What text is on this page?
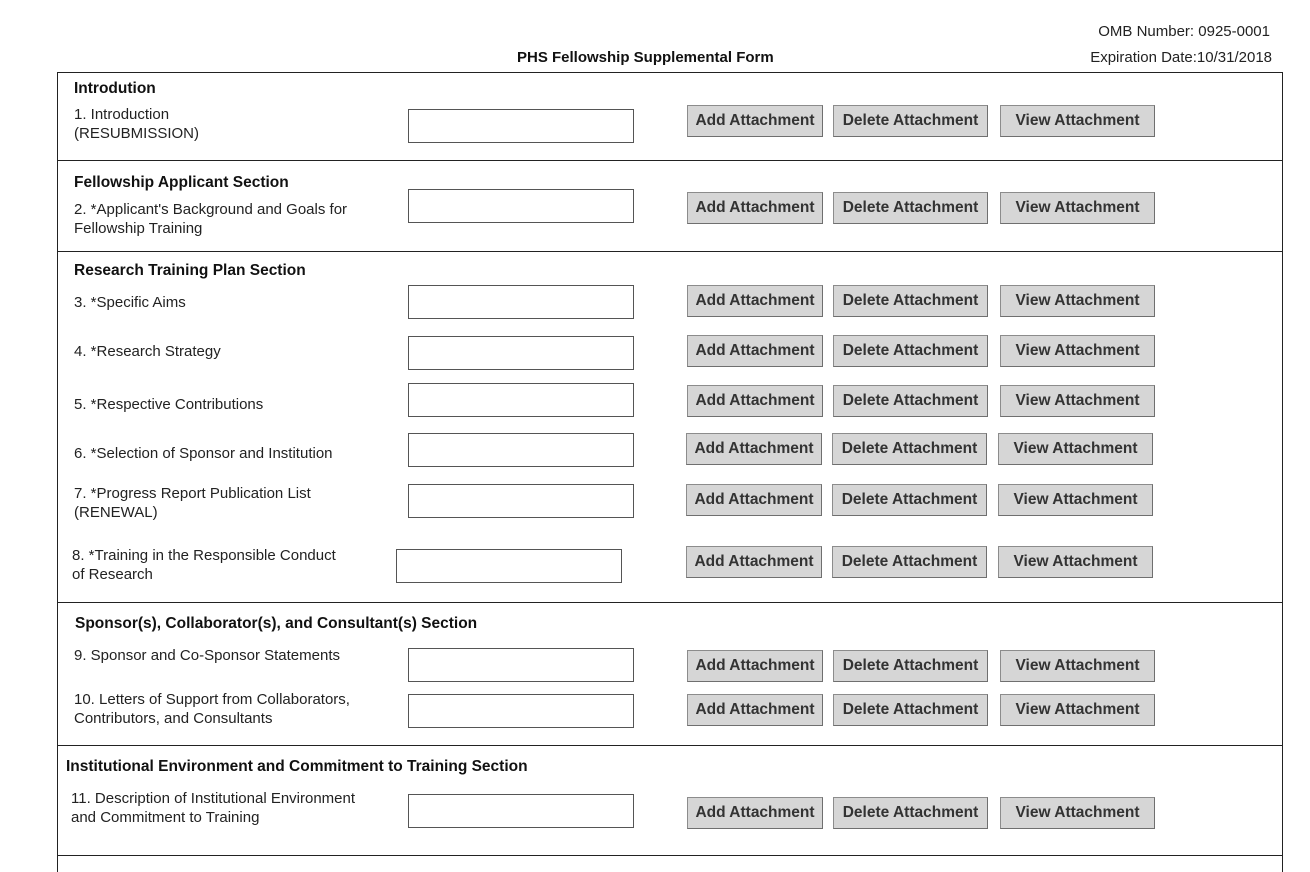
OMB Number: 0925-0001
Expiration Date:10/31/2018
PHS Fellowship Supplemental Form
Introdution
Fellowship Applicant Section
Research Training Plan Section
Sponsor(s), Collaborator(s), and Consultant(s) Section
Institutional Environment and Commitment to Training Section
1. Introduction
(RESUBMISSION)
Add Attachment	Delete Attachment	View Attachment
2. *Applicant's Background and Goals for
Fellowship Training
Add Attachment	Delete Attachment	View Attachment
3. *Specific Aims	Add Attachment	Delete Attachment	View Attachment
4. *Research Strategy	Add Attachment	Delete Attachment	View Attachment
5. *Respective Contributions	Add Attachment	Delete Attachment	View Attachment
6. *Selection of Sponsor and Institution	Add Attachment	Delete Attachment	View Attachment
7. *Progress Report Publication List
(RENEWAL)
Add Attachment	Delete Attachment	View Attachment
8. *Training in the Responsible Conduct
of Research
Add Attachment	Delete Attachment	View Attachment
9. Sponsor and Co-Sponsor Statements
Add Attachment	Delete Attachment	View Attachment
10. Letters of Support from Collaborators,
Contributors, and Consultants
Add Attachment	Delete Attachment	View Attachment
11. Description of Institutional Environment
and Commitment to Training	Add Attachment	Delete Attachment	View Attachment
